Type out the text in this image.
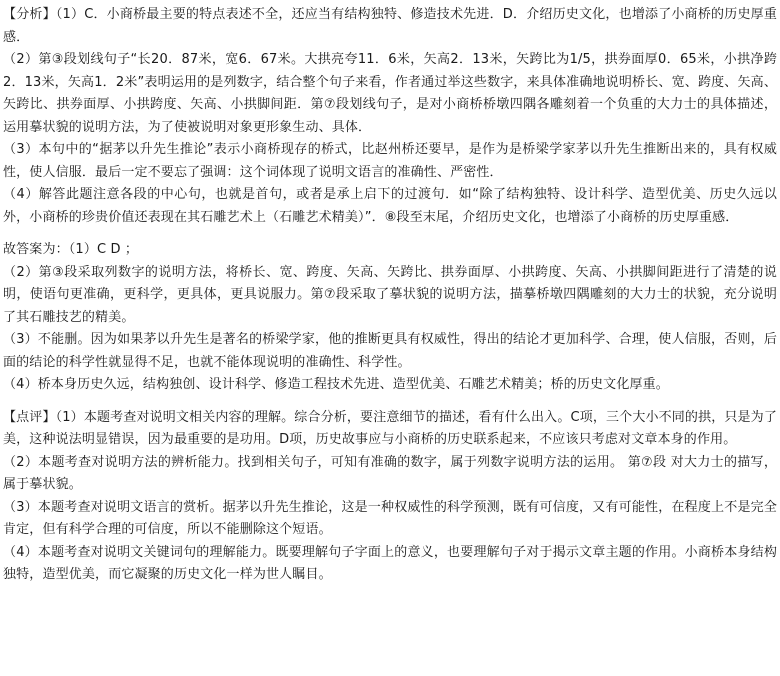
【分析】（1）C．小商桥最主要的特点表述不全，还应当有结构独特、修造技术先进．D．介绍历史文化，也增添了小商桥的历史厚重感．

（2）第③段划线句子“长20．87米，宽6．67米。大拱亮夸11．6米，矢高2．13米，矢跨比为1/5，拱券面厚0．65米，小拱净跨2．13米，矢高1．2米”表明运用的是列数字，结合整个句子来看，作者通过举这些数字，来具体准确地说明桥长、宽、跨度、矢高、矢跨比、拱券面厚、小拱跨度、矢高、小拱脚间距．第⑦段划线句子，是对小商桥桥墩四隅各雕刻着一个负重的大力士的具体描述，运用摹状貌的说明方法，为了使被说明对象更形象生动、具体．

（3）本句中的“据茅以升先生推论”表示小商桥现存的桥式，比赵州桥还要早，是作为是桥梁学家茅以升先生推断出来的，具有权威性，使人信服．最后一定不要忘了强调：这个词体现了说明文语言的准确性、严密性．

（4）解答此题注意各段的中心句，也就是首句，或者是承上启下的过渡句．如“除了结构独特、设计科学、造型优美、历史久远以外，小商桥的珍贵价值还表现在其石雕艺术上（石雕艺术精美）”．⑧段至末尾，介绍历史文化，也增添了小商桥的历史厚重感．

故答案为：（1）C D ；

（2）第③段采取列数字的说明方法，将桥长、宽、跨度、矢高、矢跨比、拱券面厚、小拱跨度、矢高、小拱脚间距进行了清楚的说明，使语句更准确，更科学，更具体，更具说服力。第⑦段采取了摹状貌的说明方法，描摹桥墩四隅雕刻的大力士的状貌，充分说明了其石雕技艺的精美。

（3）不能删。因为如果茅以升先生是著名的桥梁学家，他的推断更具有权威性，得出的结论才更加科学、合理，使人信服，否则，后面的结论的科学性就显得不足，也就不能体现说明的准确性、科学性。

（4）桥本身历史久远，结构独创、设计科学、修造工程技术先进、造型优美、石雕艺术精美；桥的历史文化厚重。

【点评】（1）本题考查对说明文相关内容的理解。综合分析，要注意细节的描述，看有什么出入。C项，三个大小不同的拱，只是为了美，这种说法明显错误，因为最重要的是功用。D项，历史故事应与小商桥的历史联系起来，不应该只考虑对文章本身的作用。

（2）本题考查对说明方法的辨析能力。找到相关句子，可知有准确的数字，属于列数字说明方法的运用。 第⑦段 对大力士的描写，属于摹状貌。

（3）本题考查对说明文语言的赏析。据茅以升先生推论，这是一种权威性的科学预测，既有可信度，又有可能性，在程度上不是完全肯定，但有科学合理的可信度，所以不能删除这个短语。

（4）本题考查对说明文关键词句的理解能力。既要理解句子字面上的意义，也要理解句子对于揭示文章主题的作用。小商桥本身结构独特，造型优美，而它凝聚的历史文化一样为世人瞩目。
